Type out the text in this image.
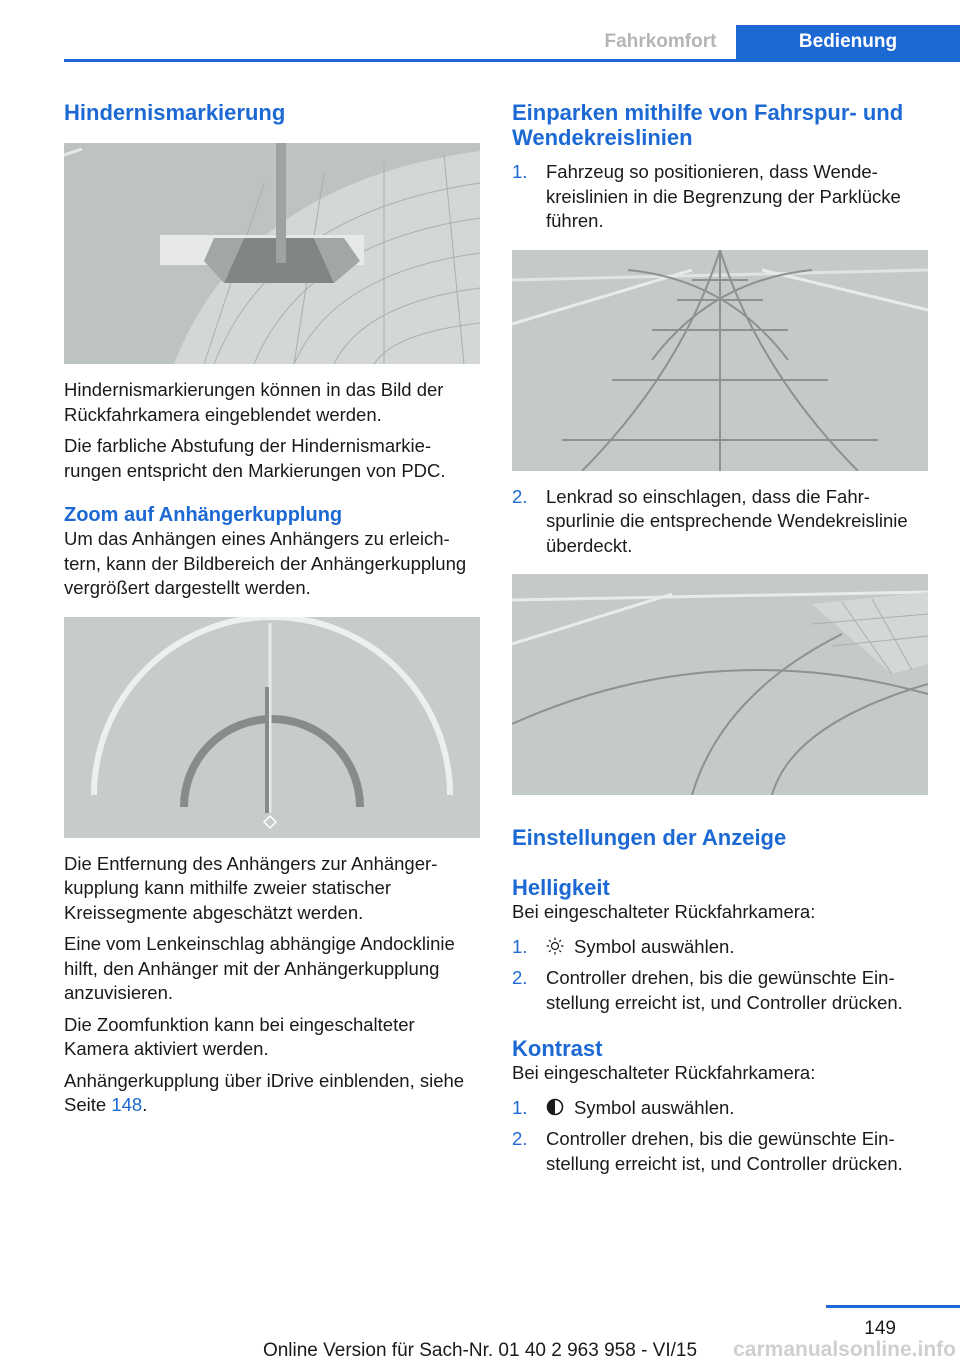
Fahrkomfort	Bedienung
Hindernismarkierung

Hindernismarkierungen können in das Bild der Rückfahrkamera eingeblendet werden.

Die farbliche Abstufung der Hindernismarkierungen entspricht den Markierungen von PDC.

Zoom auf Anhängerkupplung

Um das Anhängen eines Anhängers zu erleichtern, kann der Bildbereich der Anhängerkupplung vergrößert dargestellt werden.

Die Entfernung des Anhängers zur Anhängerkupplung kann mithilfe zweier statischer Kreissegmente abgeschätzt werden.

Eine vom Lenkeinschlag abhängige Andocklinie hilft, den Anhänger mit der Anhängerkupplung anzuvisieren.

Die Zoomfunktion kann bei eingeschalteter Kamera aktiviert werden.

Anhängerkupplung über iDrive einblenden, siehe Seite 148.

Einparken mithilfe von Fahrspur- und Wendekreislinien
1. Fahrzeug so positionieren, dass Wendekreislinien in die Begrenzung der Parklücke führen.
2. Lenkrad so einschlagen, dass die Fahrspurlinie die entsprechende Wendekreislinie überdeckt.
Einstellungen der Anzeige
Helligkeit

Bei eingeschalteter Rückfahrkamera:

1.	Symbol auswählen.
2. Controller drehen, bis die gewünschte Einstellung erreicht ist, und Controller drücken.
Kontrast

Bei eingeschalteter Rückfahrkamera:

1.	Symbol auswählen.
2. Controller drehen, bis die gewünschte Einstellung erreicht ist, und Controller drücken.
149
Online Version für Sach-Nr. 01 40 2 963 958 - VI/15	carmanualsonline.info
